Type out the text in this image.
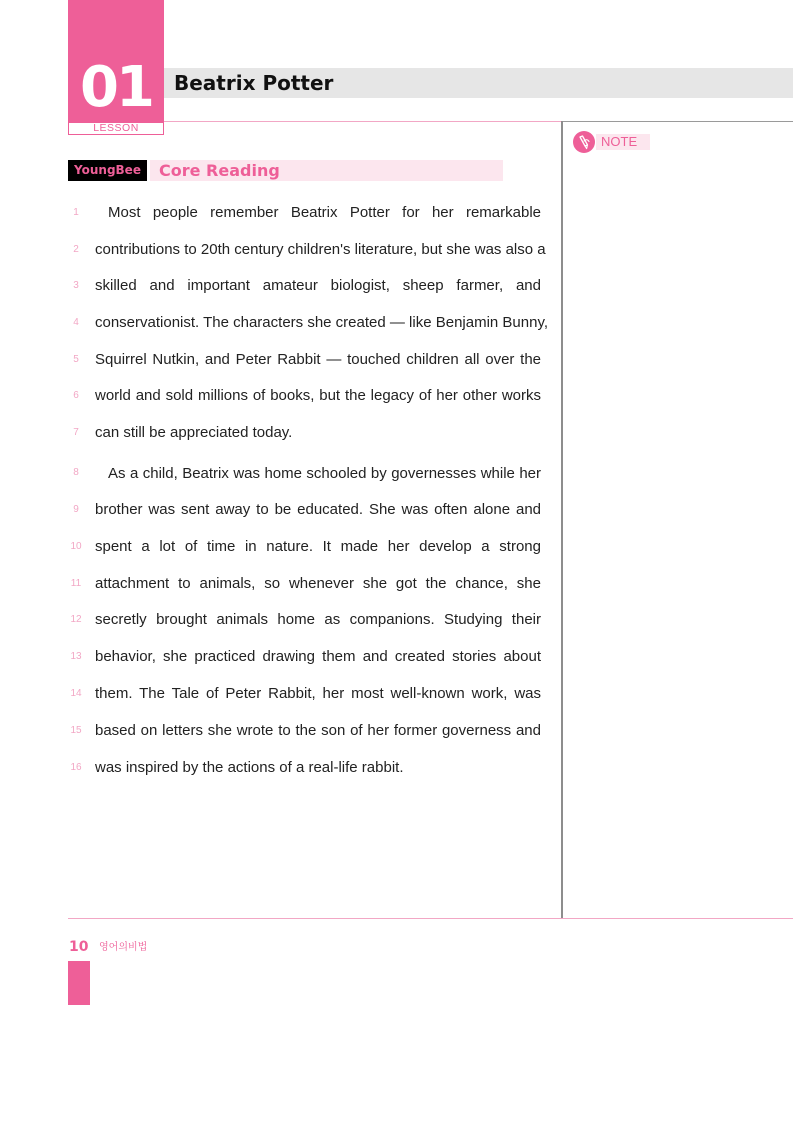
01
LESSON
Beatrix Potter
YoungBee	Core Reading
NOTE
1	Most people remember Beatrix Potter for her remarkable
2	contributions to 20th century children's literature, but she was also a
3	skilled and important amateur biologist, sheep farmer, and
4	conservationist. The characters she created — like Benjamin Bunny,
5	Squirrel Nutkin, and Peter Rabbit — touched children all over the
6	world and sold millions of books, but the legacy of her other works
7	can still be appreciated today.
8	As a child, Beatrix was home schooled by governesses while her
9	brother was sent away to be educated. She was often alone and
10 spent a lot of time in nature. It made her develop a strong
11 attachment to animals, so whenever she got the chance, she
12 secretly brought animals home as companions. Studying their
13 behavior, she practiced drawing them and created stories about
14 them. The Tale of Peter Rabbit, her most well-known work, was
15 based on letters she wrote to the son of her former governess and
16 was inspired by the actions of a real-life rabbit.
10 영어의비법
